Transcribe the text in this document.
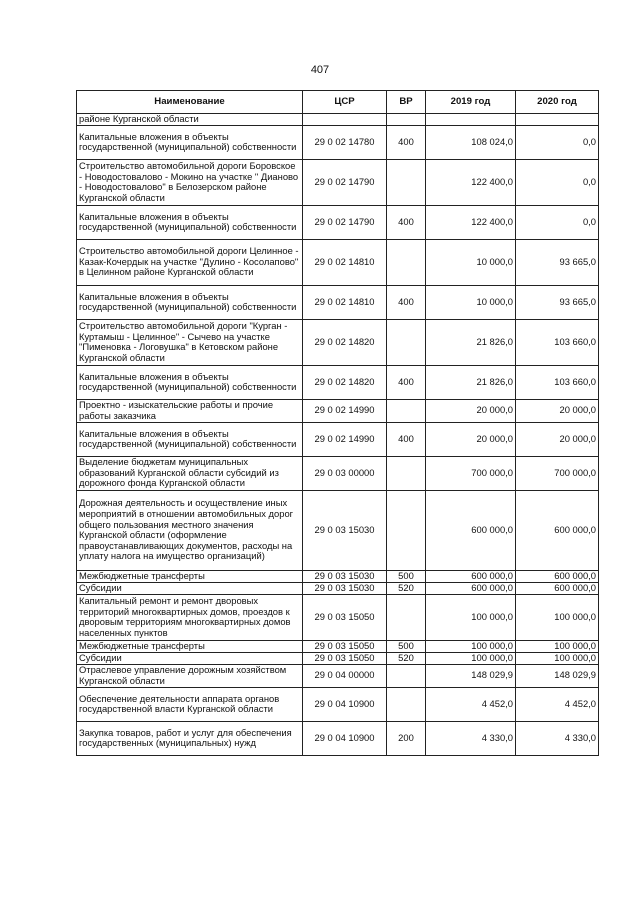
407
Наименование	ЦСР	ВР	2019 год	2020 год
районе Курганской области				
Капитальные вложения в объекты государственной (муниципальной) собственности	29 0 02 14780	400	108 024,0	0,0
Строительство автомобильной дороги Боровское - Новодостовалово - Мокино на участке " Дианово - Новодостовалово" в Белозерском районе Курганской области	29 0 02 14790		122 400,0	0,0
Капитальные вложения в объекты государственной (муниципальной) собственности	29 0 02 14790	400	122 400,0	0,0
Строительство автомобильной дороги Целинное - Казак-Кочердык на участке "Дулино - Косолапово" в Целинном районе Курганской области	29 0 02 14810		10 000,0	93 665,0
Капитальные вложения в объекты государственной (муниципальной) собственности	29 0 02 14810	400	10 000,0	93 665,0
Строительство автомобильной дороги "Курган - Куртамыш - Целинное" - Сычево на участке "Пименовка - Логовушка" в Кетовском районе Курганской области	29 0 02 14820		21 826,0	103 660,0
Капитальные вложения в объекты государственной (муниципальной) собственности	29 0 02 14820	400	21 826,0	103 660,0
Проектно - изыскательские работы и прочие работы заказчика	29 0 02 14990		20 000,0	20 000,0
Капитальные вложения в объекты государственной (муниципальной) собственности	29 0 02 14990	400	20 000,0	20 000,0
Выделение бюджетам муниципальных образований Курганской области субсидий из дорожного фонда Курганской области	29 0 03 00000		700 000,0	700 000,0
Дорожная деятельность и осуществление иных мероприятий в отношении автомобильных дорог общего пользования местного значения Курганской области (оформление правоустанавливающих документов, расходы на уплату налога на имущество организаций)	29 0 03 15030		600 000,0	600 000,0
Межбюджетные трансферты	29 0 03 15030	500	600 000,0	600 000,0
Субсидии	29 0 03 15030	520	600 000,0	600 000,0
Капитальный ремонт и ремонт дворовых территорий многоквартирных домов, проездов к дворовым территориям многоквартирных домов населенных пунктов	29 0 03 15050		100 000,0	100 000,0
Межбюджетные трансферты	29 0 03 15050	500	100 000,0	100 000,0
Субсидии	29 0 03 15050	520	100 000,0	100 000,0
Отраслевое управление дорожным хозяйством Курганской области	29 0 04 00000		148 029,9	148 029,9
Обеспечение деятельности аппарата органов государственной власти Курганской области	29 0 04 10900		4 452,0	4 452,0
Закупка товаров, работ и услуг для обеспечения государственных (муниципальных) нужд	29 0 04 10900	200	4 330,0	4 330,0
